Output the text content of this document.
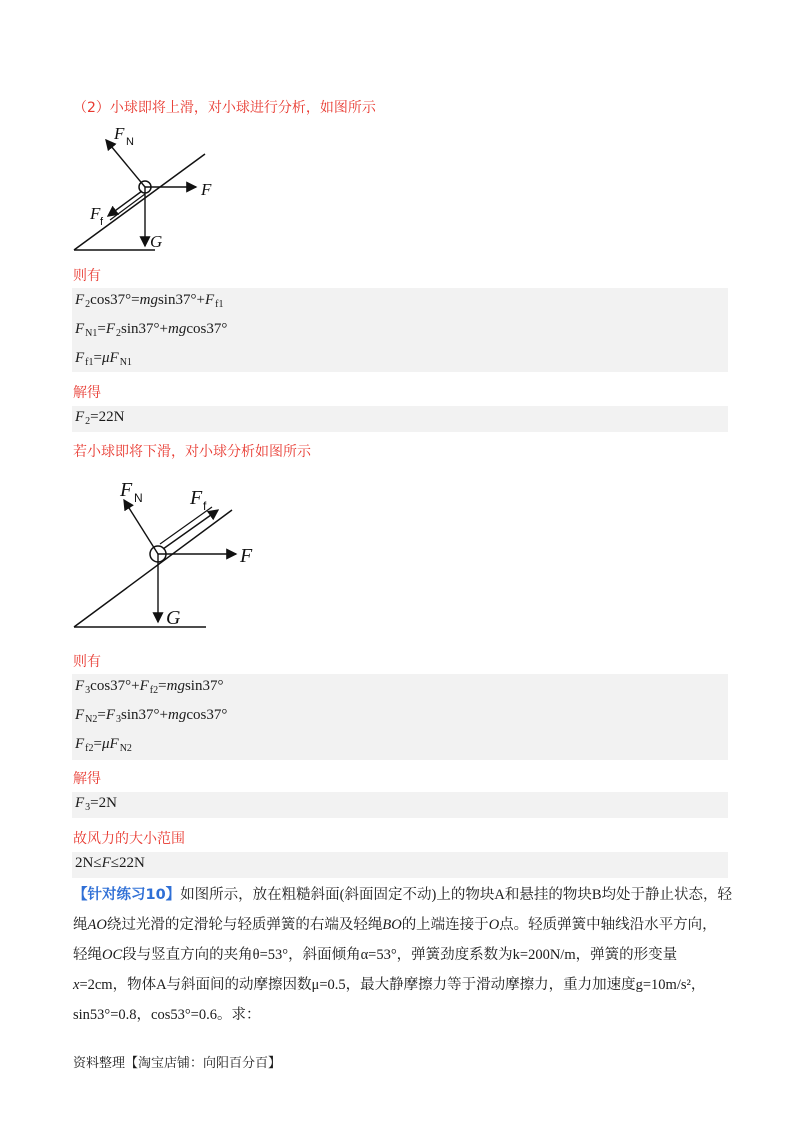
（2）小球即将上滑，对小球进行分析，如图所示
F N
F
F f
G
则有
$F_2\cos 37^\circ=mgsin37^\circ+F_{f1}$
$F_{N1}=F_2\sin 37^\circ+mgcos37^\circ$
$F_{f1}=\mu F_{N1}$
解得
$F_2=22N$
若小球即将下滑，对小球分析如图所示
F N F f
F
G
则有
$F_3\cos 37^\circ+F_{f2}=mgsin37^\circ$
$F_{N2}=F_3\sin 37^\circ+mgcos37^\circ$
$F_{f2}=\mu F_{N2}$
解得
$F_3=2N$
故风力的大小范围
2N≤F≤22N
【针对练习10】如图所示，放在粗糙斜面(斜面固定不动)上的物块A和悬挂的物块B均处于静止状态，轻
绳AO绕过光滑的定滑轮与轻质弹簧的右端及轻绳BO的上端连接于O点。轻质弹簧中轴线沿水平方向，
轻绳OC段与竖直方向的夹角θ=53°，斜面倾角α=53°，弹簧劲度系数为k=200N/m，弹簧的形变量
x=2cm，物体A与斜面间的动摩擦因数μ=0.5，最大静摩擦力等于滑动摩擦力，重力加速度g=10m/s²，
sin53°=0.8，cos53°=0.6。求：
资料整理【淘宝店铺：向阳百分百】
